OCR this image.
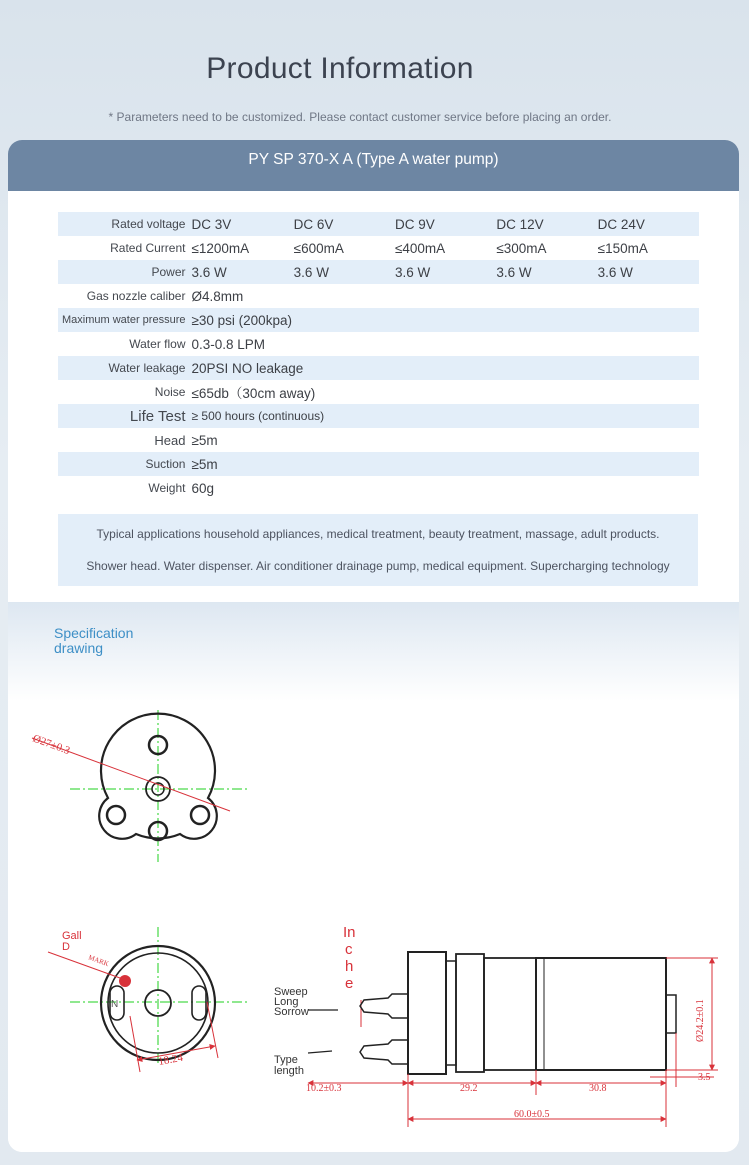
Product Information
* Parameters need to be customized. Please contact customer service before placing an order.
PY SP 370-X A (Type A water pump)
Rated voltage	DC 3V	DC 6V	DC 9V	DC 12V	DC 24V
Rated Current	≤1200mA	≤600mA	≤400mA	≤300mA	≤150mA
Power	3.6 W	3.6 W	3.6 W	3.6 W	3.6 W
Gas nozzle caliber	Ø4.8mm				
Maximum water pressure	≥30 psi (200kpa)				
Water flow	0.3-0.8 LPM				
Water leakage	20PSI NO leakage				
Noise	≤65db（30cm away)				
Life Test	≥ 500 hours (continuous)				
Head	≥5m				
Suction	≥5m				
Weight	60g				

Typical applications household appliances, medical treatment, beauty treatment, massage, adult products.

Shower head. Water dispenser. Air conditioner drainage pump, medical equipment. Supercharging technology

Specification
drawing
Ø27±0.3
Gall
D
MARK
N
18.24
In
c
h
e
Sweep
Long
Sorrow
Type
length
10.2±0.3	29.2	30.8
3.5
60.0±0.5
Ø24.2±0.1
